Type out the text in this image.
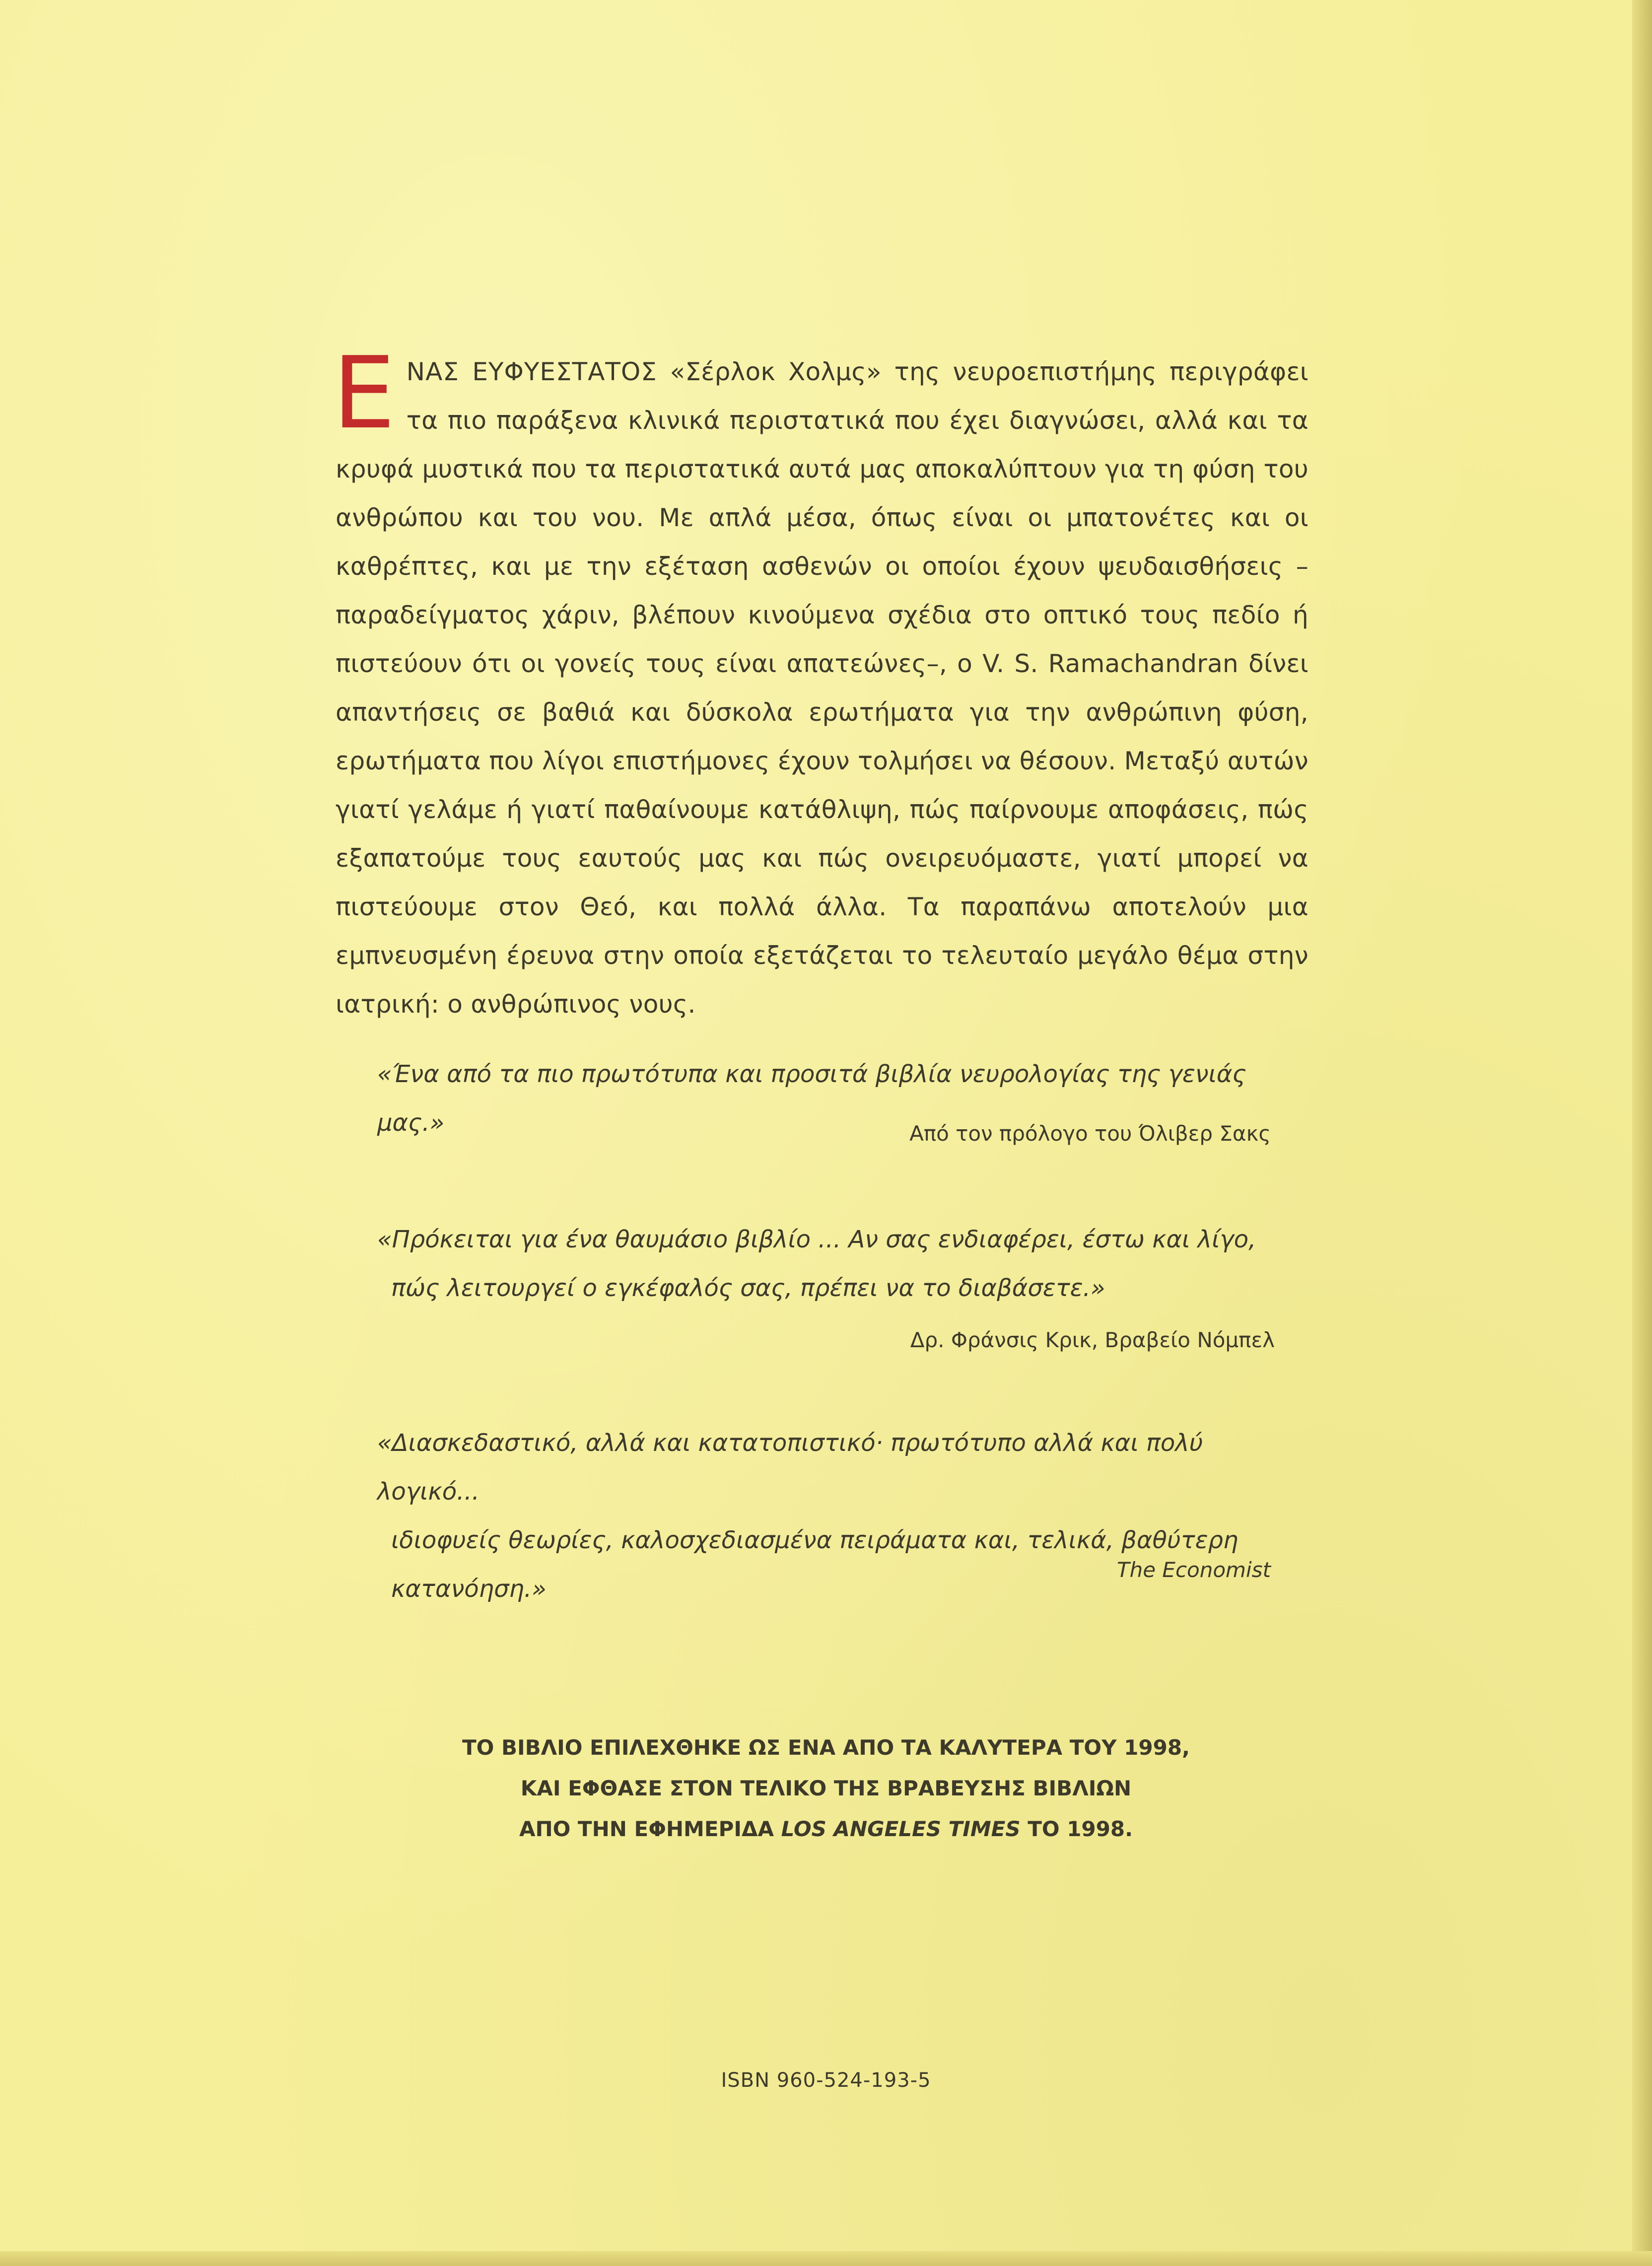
ΕΝΑΣ ΕΥΦΥΕΣΤΑΤΟΣ «Σέρλοκ Χολμς» της νευροεπιστήμης περιγράφει τα πιο παράξενα κλινικά περιστατικά που έχει διαγνώσει, αλλά και τα κρυφά μυστικά που τα περιστατικά αυτά μας αποκαλύπτουν για τη φύση του ανθρώπου και του νου. Με απλά μέσα, όπως είναι οι μπατονέτες και οι καθρέπτες, και με την εξέταση ασθενών οι οποίοι έχουν ψευδαισθήσεις –παραδείγματος χάριν, βλέπουν κινούμενα σχέδια στο οπτικό τους πεδίο ή πιστεύουν ότι οι γονείς τους είναι απατεώνες–, ο V. S. Ramachandran δίνει απαντήσεις σε βαθιά και δύσκολα ερωτήματα για την ανθρώπινη φύση, ερωτήματα που λίγοι επιστήμονες έχουν τολμήσει να θέσουν. Μεταξύ αυτών γιατί γελάμε ή γιατί παθαίνουμε κατάθλιψη, πώς παίρνουμε αποφάσεις, πώς εξαπατούμε τους εαυτούς μας και πώς ονειρευόμαστε, γιατί μπορεί να πιστεύουμε στον Θεό, και πολλά άλλα. Τα παραπάνω αποτελούν μια εμπνευσμένη έρευνα στην οποία εξετάζεται το τελευταίο μεγάλο θέμα στην ιατρική: ο ανθρώπινος νους.
«Ένα από τα πιο πρωτότυπα και προσιτά βιβλία νευρολογίας της γενιάς μας.»	Από τον πρόλογο του Όλιβερ Σακς
«Πρόκειται για ένα θαυμάσιο βιβλίο ... Αν σας ενδιαφέρει, έστω και λίγο,
πώς λειτουργεί ο εγκέφαλός σας, πρέπει να το διαβάσετε.»
Δρ. Φράνσις Κρικ, Βραβείο Νόμπελ
«Διασκεδαστικό, αλλά και κατατοπιστικό· πρωτότυπο αλλά και πολύ λογικό...
ιδιοφυείς θεωρίες, καλοσχεδιασμένα πειράματα και, τελικά, βαθύτερη
κατανόηση.»
The Economist
ΤΟ ΒΙΒΛΙΟ ΕΠΙΛΕΧΘΗΚΕ ΩΣ ΕΝΑ ΑΠΟ ΤΑ ΚΑΛΥΤΕΡΑ ΤΟΥ 1998,
ΚΑΙ ΕΦΘΑΣΕ ΣΤΟΝ ΤΕΛΙΚΟ ΤΗΣ ΒΡΑΒΕΥΣΗΣ ΒΙΒΛΙΩΝ
ΑΠΟ ΤΗΝ ΕΦΗΜΕΡΙΔΑ LOS ANGELES TIMES ΤΟ 1998.
ISBN 960-524-193-5
